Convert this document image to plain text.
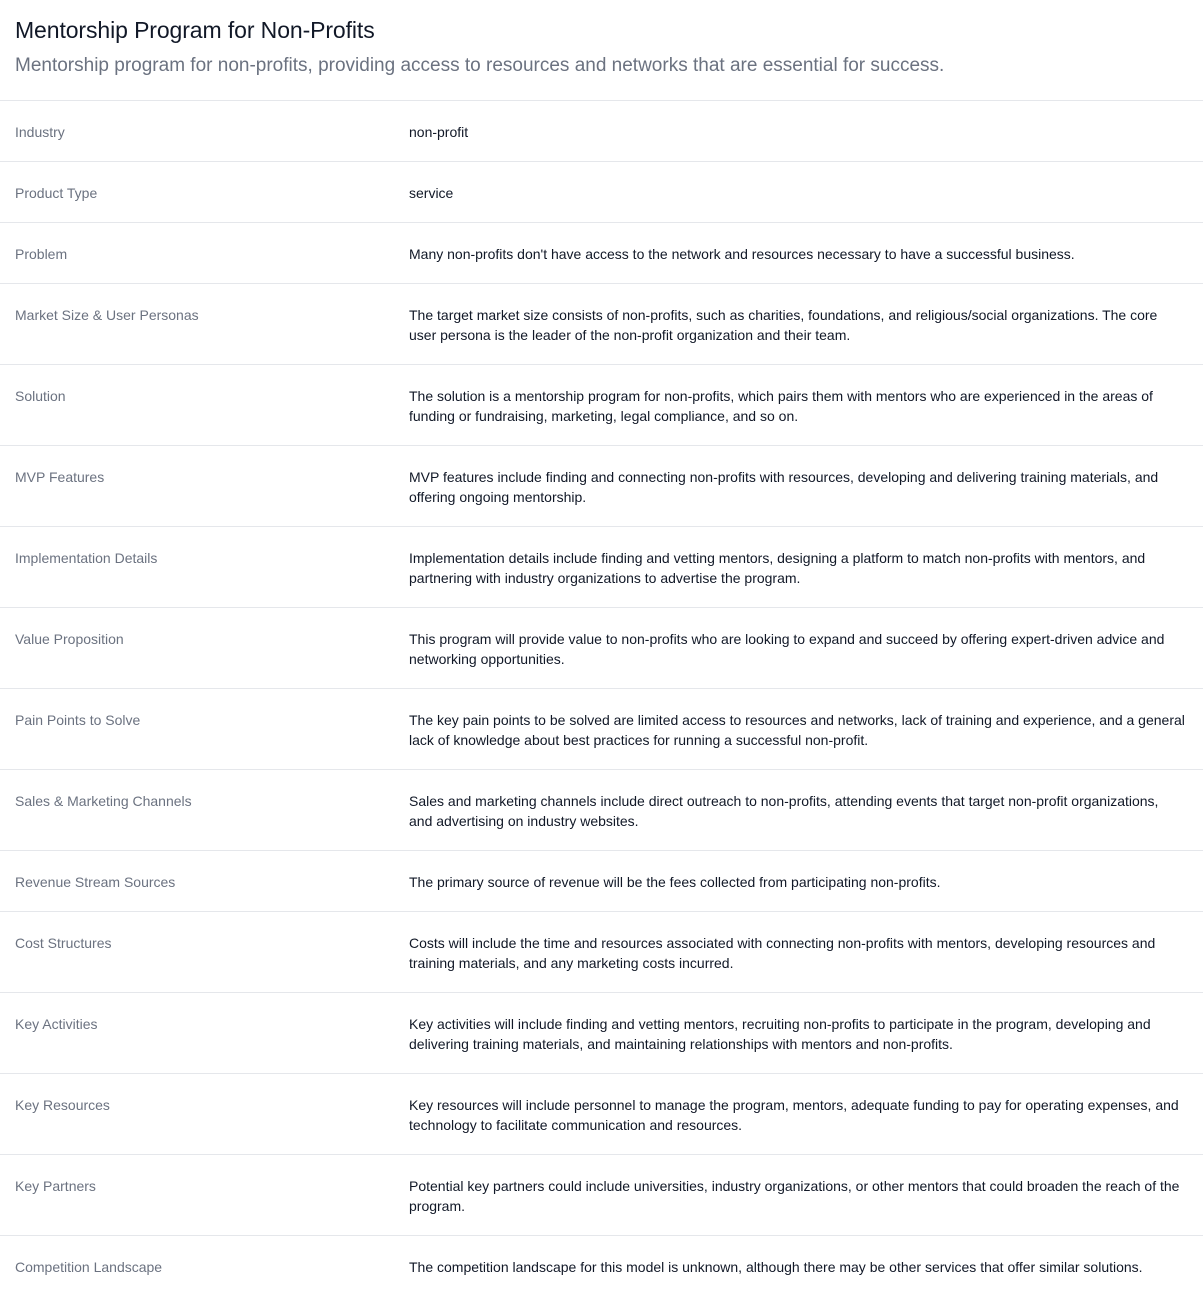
Mentorship Program for Non-Profits

Mentorship program for non-profits, providing access to resources and networks that are essential for success.

Industry	non-profit
Product Type	service
Problem	Many non-profits don't have access to the network and resources necessary to have a successful business.
Market Size & User Personas	The target market size consists of non-profits, such as charities, foundations, and religious/social organizations. The core user persona is the leader of the non-profit organization and their team.
Solution	The solution is a mentorship program for non-profits, which pairs them with mentors who are experienced in the areas of funding or fundraising, marketing, legal compliance, and so on.
MVP Features	MVP features include finding and connecting non-profits with resources, developing and delivering training materials, and offering ongoing mentorship.
Implementation Details	Implementation details include finding and vetting mentors, designing a platform to match non-profits with mentors, and partnering with industry organizations to advertise the program.
Value Proposition	This program will provide value to non-profits who are looking to expand and succeed by offering expert-driven advice and networking opportunities.
Pain Points to Solve	The key pain points to be solved are limited access to resources and networks, lack of training and experience, and a general lack of knowledge about best practices for running a successful non-profit.
Sales & Marketing Channels	Sales and marketing channels include direct outreach to non-profits, attending events that target non-profit organizations, and advertising on industry websites.
Revenue Stream Sources	The primary source of revenue will be the fees collected from participating non-profits.
Cost Structures	Costs will include the time and resources associated with connecting non-profits with mentors, developing resources and training materials, and any marketing costs incurred.
Key Activities	Key activities will include finding and vetting mentors, recruiting non-profits to participate in the program, developing and delivering training materials, and maintaining relationships with mentors and non-profits.
Key Resources	Key resources will include personnel to manage the program, mentors, adequate funding to pay for operating expenses, and technology to facilitate communication and resources.
Key Partners	Potential key partners could include universities, industry organizations, or other mentors that could broaden the reach of the program.
Competition Landscape	The competition landscape for this model is unknown, although there may be other services that offer similar solutions.
